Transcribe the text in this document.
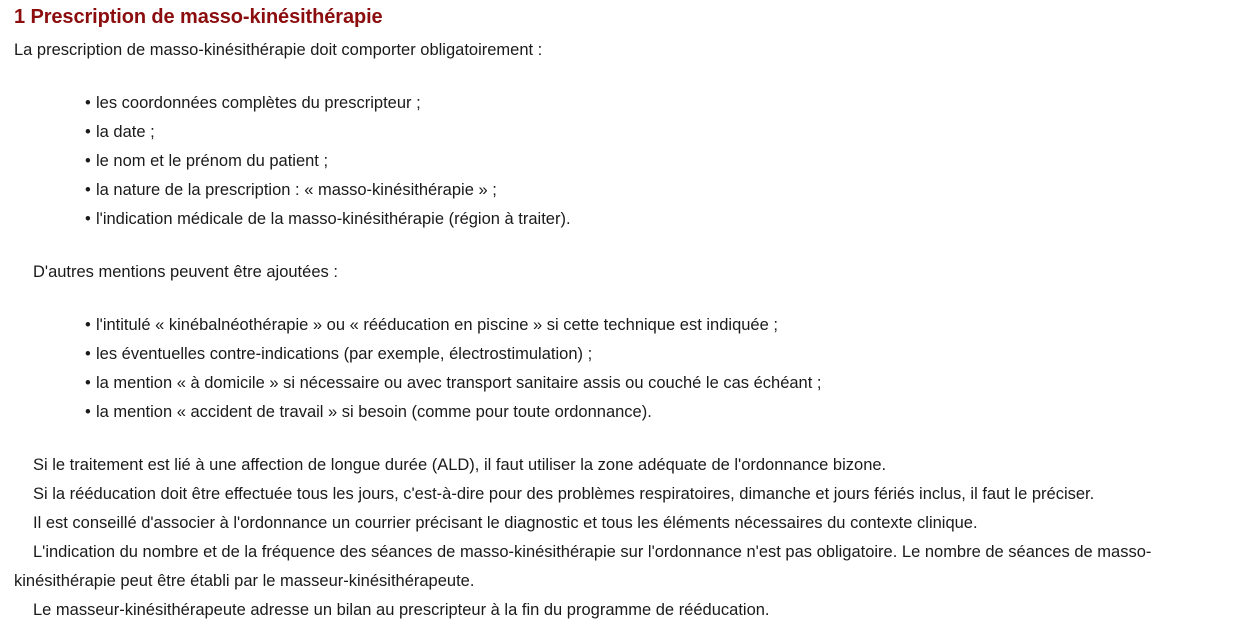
1 Prescription de masso-kinésithérapie

La prescription de masso-kinésithérapie doit comporter obligatoirement :

• les coordonnées complètes du prescripteur ;
• la date ;
• le nom et le prénom du patient ;
• la nature de la prescription : « masso-kinésithérapie » ;
• l'indication médicale de la masso-kinésithérapie (région à traiter).

D'autres mentions peuvent être ajoutées :

• l'intitulé « kinébalnéothérapie » ou « rééducation en piscine » si cette technique est indiquée ;
• les éventuelles contre-indications (par exemple, électrostimulation) ;
• la mention « à domicile » si nécessaire ou avec transport sanitaire assis ou couché le cas échéant ;
• la mention « accident de travail » si besoin (comme pour toute ordonnance).

Si le traitement est lié à une affection de longue durée (ALD), il faut utiliser la zone adéquate de l'ordonnance bizone.

Si la rééducation doit être effectuée tous les jours, c'est-à-dire pour des problèmes respiratoires, dimanche et jours fériés inclus, il faut le préciser.

Il est conseillé d'associer à l'ordonnance un courrier précisant le diagnostic et tous les éléments nécessaires du contexte clinique.

L'indication du nombre et de la fréquence des séances de masso-kinésithérapie sur l'ordonnance n'est pas obligatoire. Le nombre de séances de masso-kinésithérapie peut être établi par le masseur-kinésithérapeute.

Le masseur-kinésithérapeute adresse un bilan au prescripteur à la fin du programme de rééducation.
